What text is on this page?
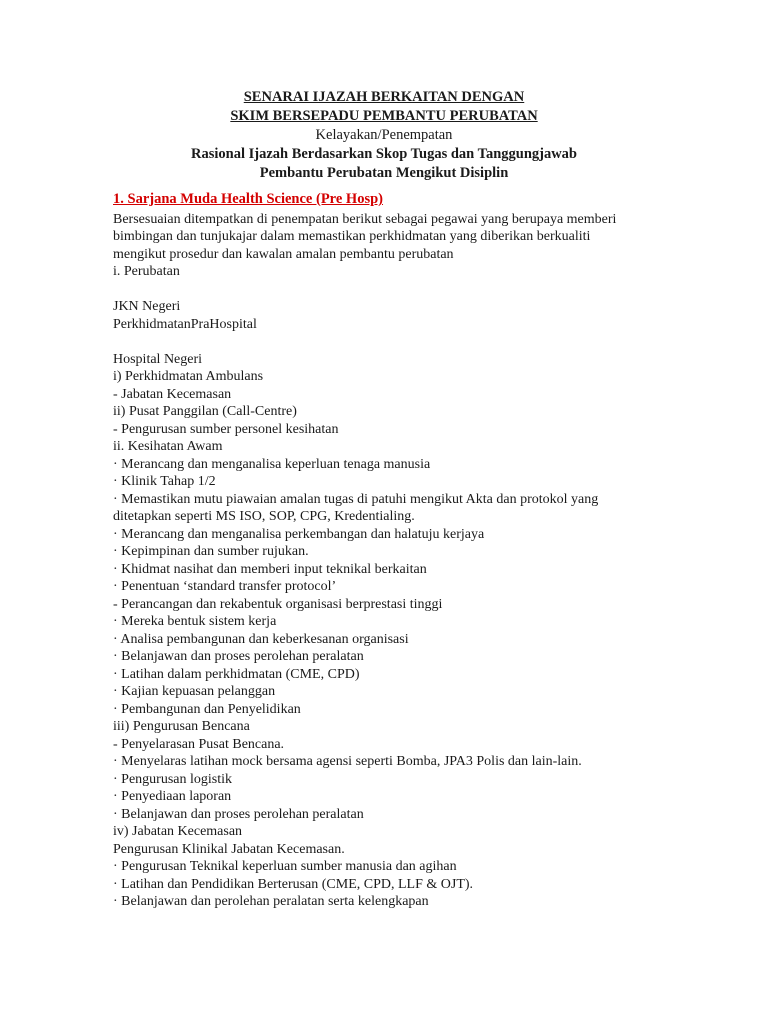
SENARAI IJAZAH BERKAITAN DENGAN
SKIM BERSEPADU PEMBANTU PERUBATAN
Kelayakan/Penempatan
Rasional Ijazah Berdasarkan Skop Tugas dan Tanggungjawab
Pembantu Perubatan Mengikut Disiplin
1. Sarjana Muda Health Science (Pre Hosp)
Bersesuaian ditempatkan di penempatan berikut sebagai pegawai yang berupaya memberi
bimbingan dan tunjukajar dalam memastikan perkhidmatan yang diberikan berkualiti
mengikut prosedur dan kawalan amalan pembantu perubatan
i. Perubatan
JKN Negeri
PerkhidmatanPraHospital
Hospital Negeri
i) Perkhidmatan Ambulans
- Jabatan Kecemasan
ii) Pusat Panggilan (Call-Centre)
- Pengurusan sumber personel kesihatan
ii. Kesihatan Awam
· Merancang dan menganalisa keperluan tenaga manusia
· Klinik Tahap 1/2
· Memastikan mutu piawaian amalan tugas di patuhi mengikut Akta dan protokol yang
ditetapkan seperti MS ISO, SOP, CPG, Kredentialing.
· Merancang dan menganalisa perkembangan dan halatuju kerjaya
· Kepimpinan dan sumber rujukan.
· Khidmat nasihat dan memberi input teknikal berkaitan
· Penentuan ‘standard transfer protocol’
- Perancangan dan rekabentuk organisasi berprestasi tinggi
· Mereka bentuk sistem kerja
· Analisa pembangunan dan keberkesanan organisasi
· Belanjawan dan proses perolehan peralatan
· Latihan dalam perkhidmatan (CME, CPD)
· Kajian kepuasan pelanggan
· Pembangunan dan Penyelidikan
iii) Pengurusan Bencana
- Penyelarasan Pusat Bencana.
· Menyelaras latihan mock bersama agensi seperti Bomba, JPA3 Polis dan lain-lain.
· Pengurusan logistik
· Penyediaan laporan
· Belanjawan dan proses perolehan peralatan
iv) Jabatan Kecemasan
Pengurusan Klinikal Jabatan Kecemasan.
· Pengurusan Teknikal keperluan sumber manusia dan agihan
· Latihan dan Pendidikan Berterusan (CME, CPD, LLF & OJT).
· Belanjawan dan perolehan peralatan serta kelengkapan
